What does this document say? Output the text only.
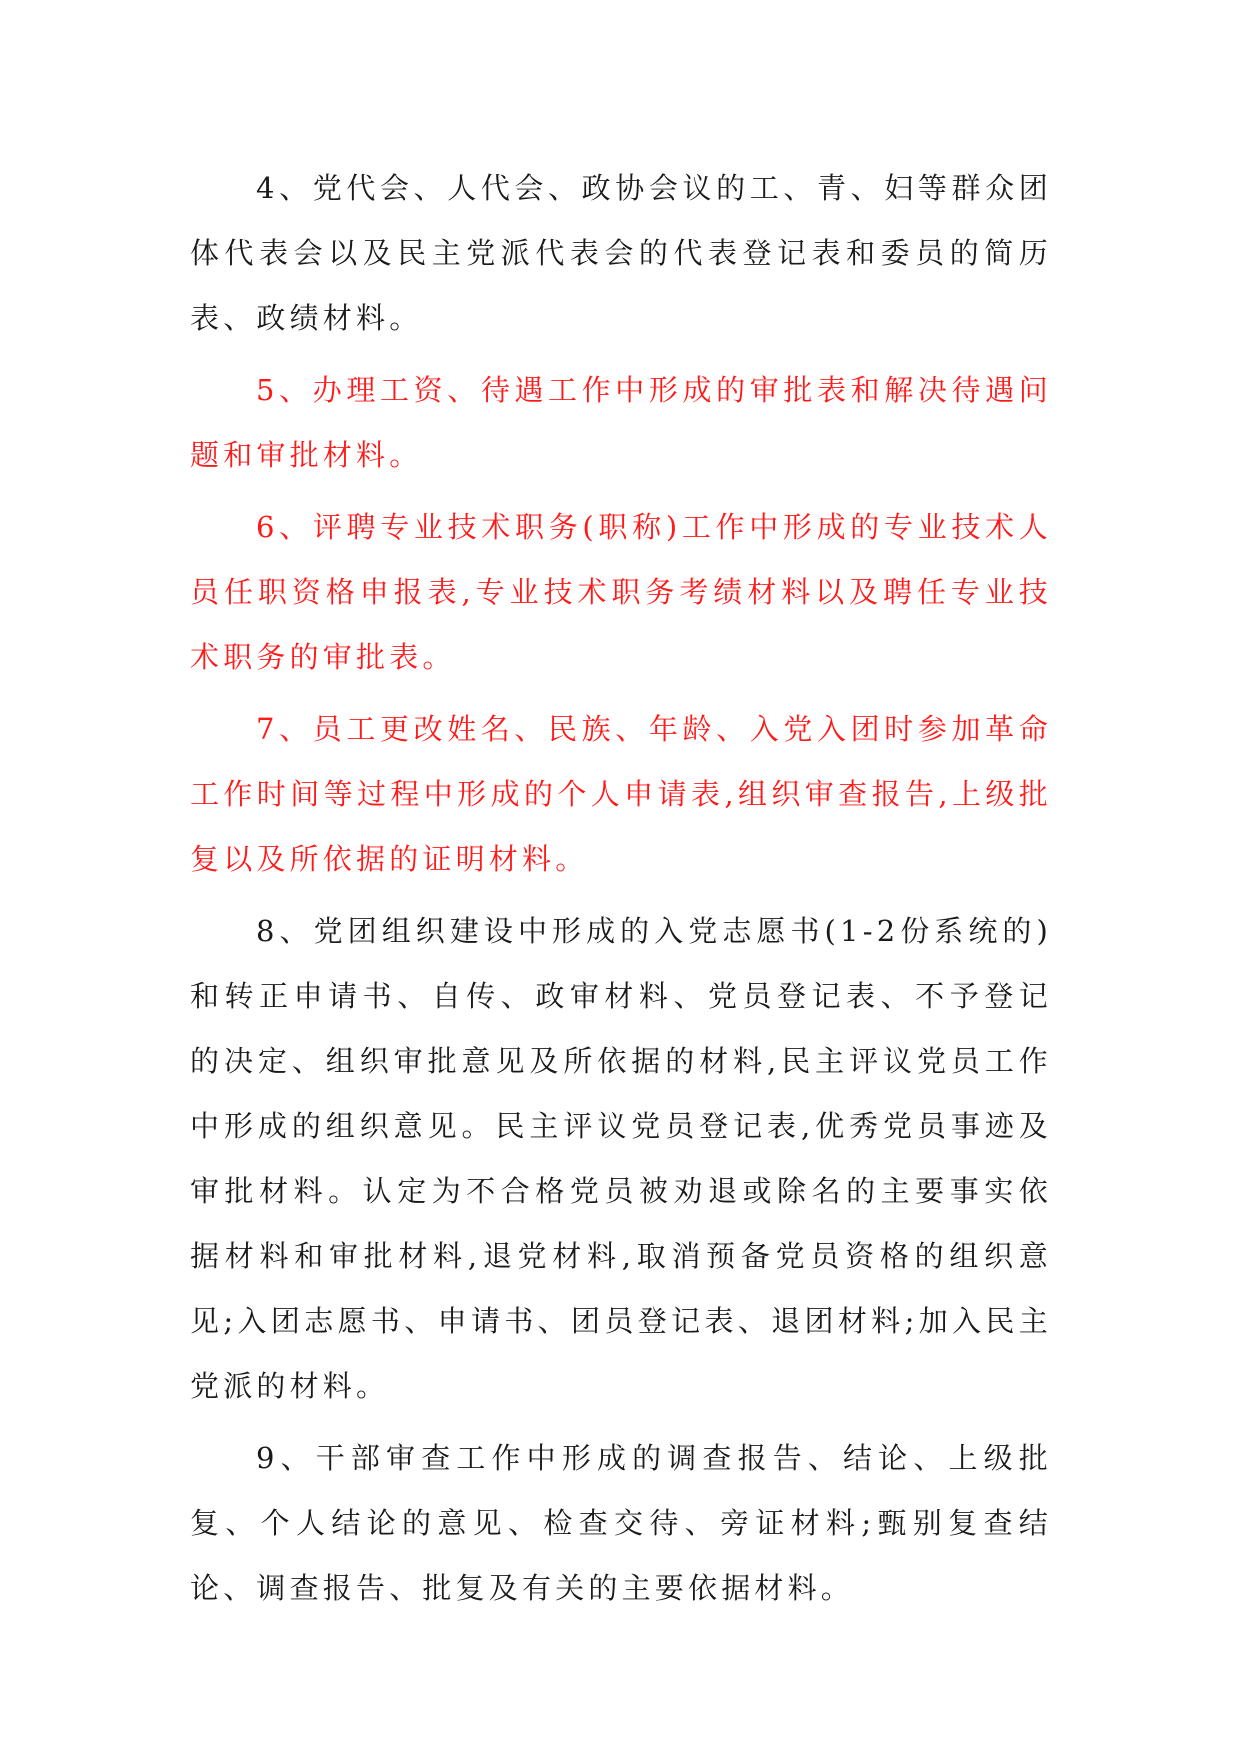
4、党代会、人代会、政协会议的工、青、妇等群众团体代表会以及民主党派代表会的代表登记表和委员的简历表、政绩材料。

5、办理工资、待遇工作中形成的审批表和解决待遇问题和审批材料。

6、评聘专业技术职务(职称)工作中形成的专业技术人员任职资格申报表,专业技术职务考绩材料以及聘任专业技术职务的审批表。

7、员工更改姓名、民族、年龄、入党入团时参加革命工作时间等过程中形成的个人申请表,组织审查报告,上级批复以及所依据的证明材料。

8、党团组织建设中形成的入党志愿书(1-2份系统的)和转正申请书、自传、政审材料、党员登记表、不予登记的决定、组织审批意见及所依据的材料,民主评议党员工作中形成的组织意见。民主评议党员登记表,优秀党员事迹及审批材料。认定为不合格党员被劝退或除名的主要事实依据材料和审批材料,退党材料,取消预备党员资格的组织意见;入团志愿书、申请书、团员登记表、退团材料;加入民主党派的材料。

9、干部审查工作中形成的调查报告、结论、上级批复、个人结论的意见、检查交待、旁证材料;甄别复查结论、调查报告、批复及有关的主要依据材料。
